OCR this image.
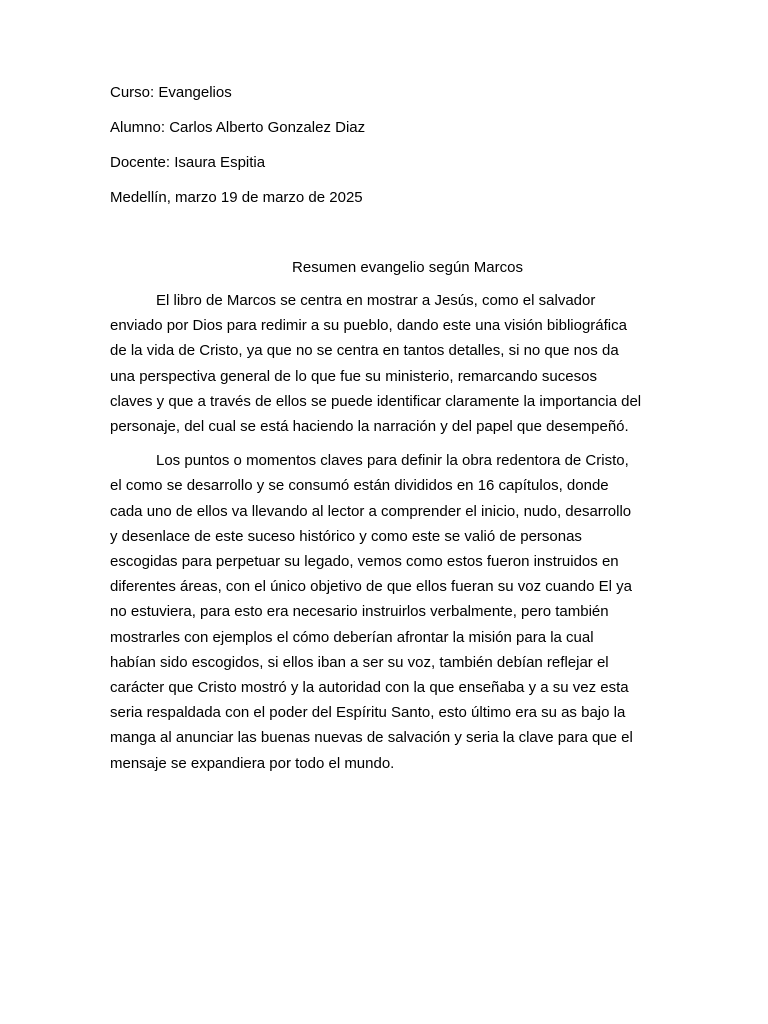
Curso: Evangelios
Alumno: Carlos Alberto Gonzalez Diaz
Docente: Isaura Espitia
Medellín, marzo 19 de marzo de 2025
Resumen evangelio según Marcos
El libro de Marcos se centra en mostrar a Jesús, como el salvador
enviado por Dios para redimir a su pueblo, dando este una visión bibliográfica
de la vida de Cristo, ya que no se centra en tantos detalles, si no que nos da
una perspectiva general de lo que fue su ministerio, remarcando sucesos
claves y que a través de ellos se puede identificar claramente la importancia del
personaje, del cual se está haciendo la narración y del papel que desempeñó.
Los puntos o momentos claves para definir la obra redentora de Cristo,
el como se desarrollo y se consumó están divididos en 16 capítulos, donde
cada uno de ellos va llevando al lector a comprender el inicio, nudo, desarrollo
y desenlace de este suceso histórico y como este se valió de personas
escogidas para perpetuar su legado, vemos como estos fueron instruidos en
diferentes áreas, con el único objetivo de que ellos fueran su voz cuando El ya
no estuviera, para esto era necesario instruirlos verbalmente, pero también
mostrarles con ejemplos el cómo deberían afrontar la misión para la cual
habían sido escogidos, si ellos iban a ser su voz, también debían reflejar el
carácter que Cristo mostró y la autoridad con la que enseñaba y a su vez esta
seria respaldada con el poder del Espíritu Santo, esto último era su as bajo la
manga al anunciar las buenas nuevas de salvación y seria la clave para que el
mensaje se expandiera por todo el mundo.
